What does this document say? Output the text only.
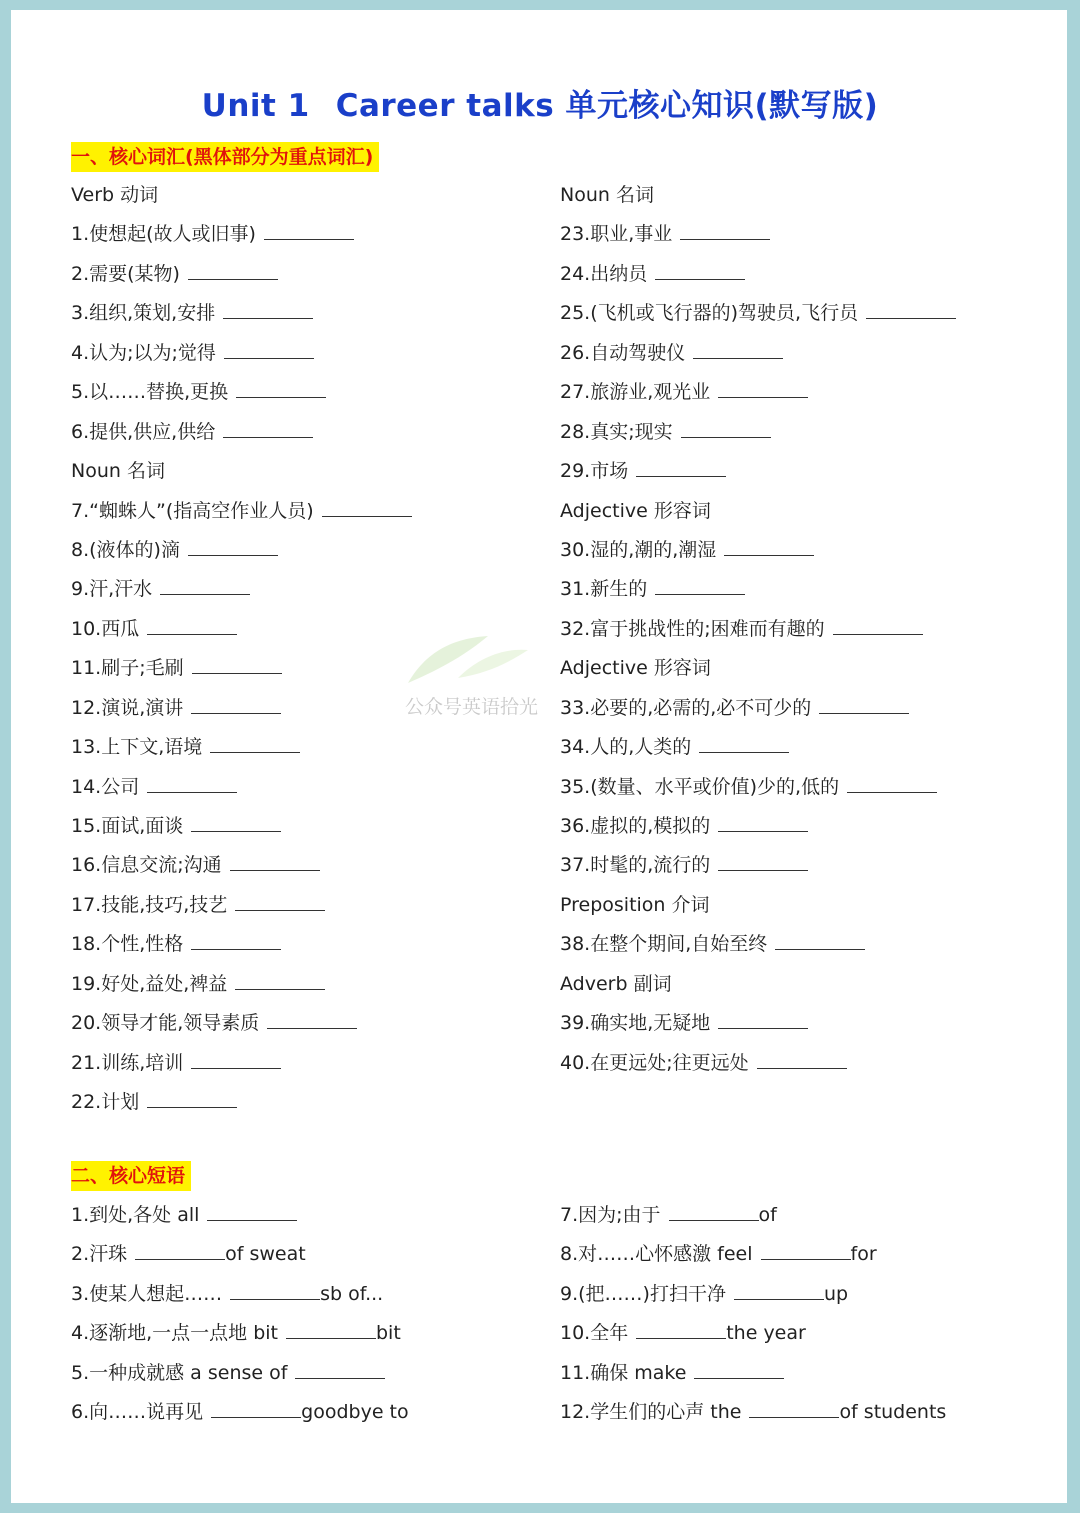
Unit 1 Career talks 单元核心知识(默写版)
一、核心词汇(黑体部分为重点词汇)
公众号英语拾光
Verb 动词
1.使想起(故人或旧事)
2.需要(某物)
3.组织,策划,安排
4.认为;以为;觉得
5.以……替换,更换
6.提供,供应,供给
Noun 名词
7.“蜘蛛人”(指高空作业人员)
8.(液体的)滴
9.汗,汗水
10.西瓜
11.刷子;毛刷
12.演说,演讲
13.上下文,语境
14.公司
15.面试,面谈
16.信息交流;沟通
17.技能,技巧,技艺
18.个性,性格
19.好处,益处,裨益
20.领导才能,领导素质
21.训练,培训
22.计划
Noun 名词
23.职业,事业
24.出纳员
25.(飞机或飞行器的)驾驶员,飞行员
26.自动驾驶仪
27.旅游业,观光业
28.真实;现实
29.市场
Adjective 形容词
30.湿的,潮的,潮湿
31.新生的
32.富于挑战性的;困难而有趣的
Adjective 形容词
33.必要的,必需的,必不可少的
34.人的,人类的
35.(数量、水平或价值)少的,低的
36.虚拟的,模拟的
37.时髦的,流行的
Preposition 介词
38.在整个期间,自始至终
Adverb 副词
39.确实地,无疑地
40.在更远处;往更远处
二、核心短语
1.到处,各处 all
2.汗珠	of sweat
3.使某人想起……	sb of...
4.逐渐地,一点一点地 bit	bit
5.一种成就感 a sense of
6.向……说再见	goodbye to
7.因为;由于	of
8.对……心怀感激 feel	for
9.(把……)打扫干净	up
10.全年	the year
11.确保 make
12.学生们的心声 the	of students
